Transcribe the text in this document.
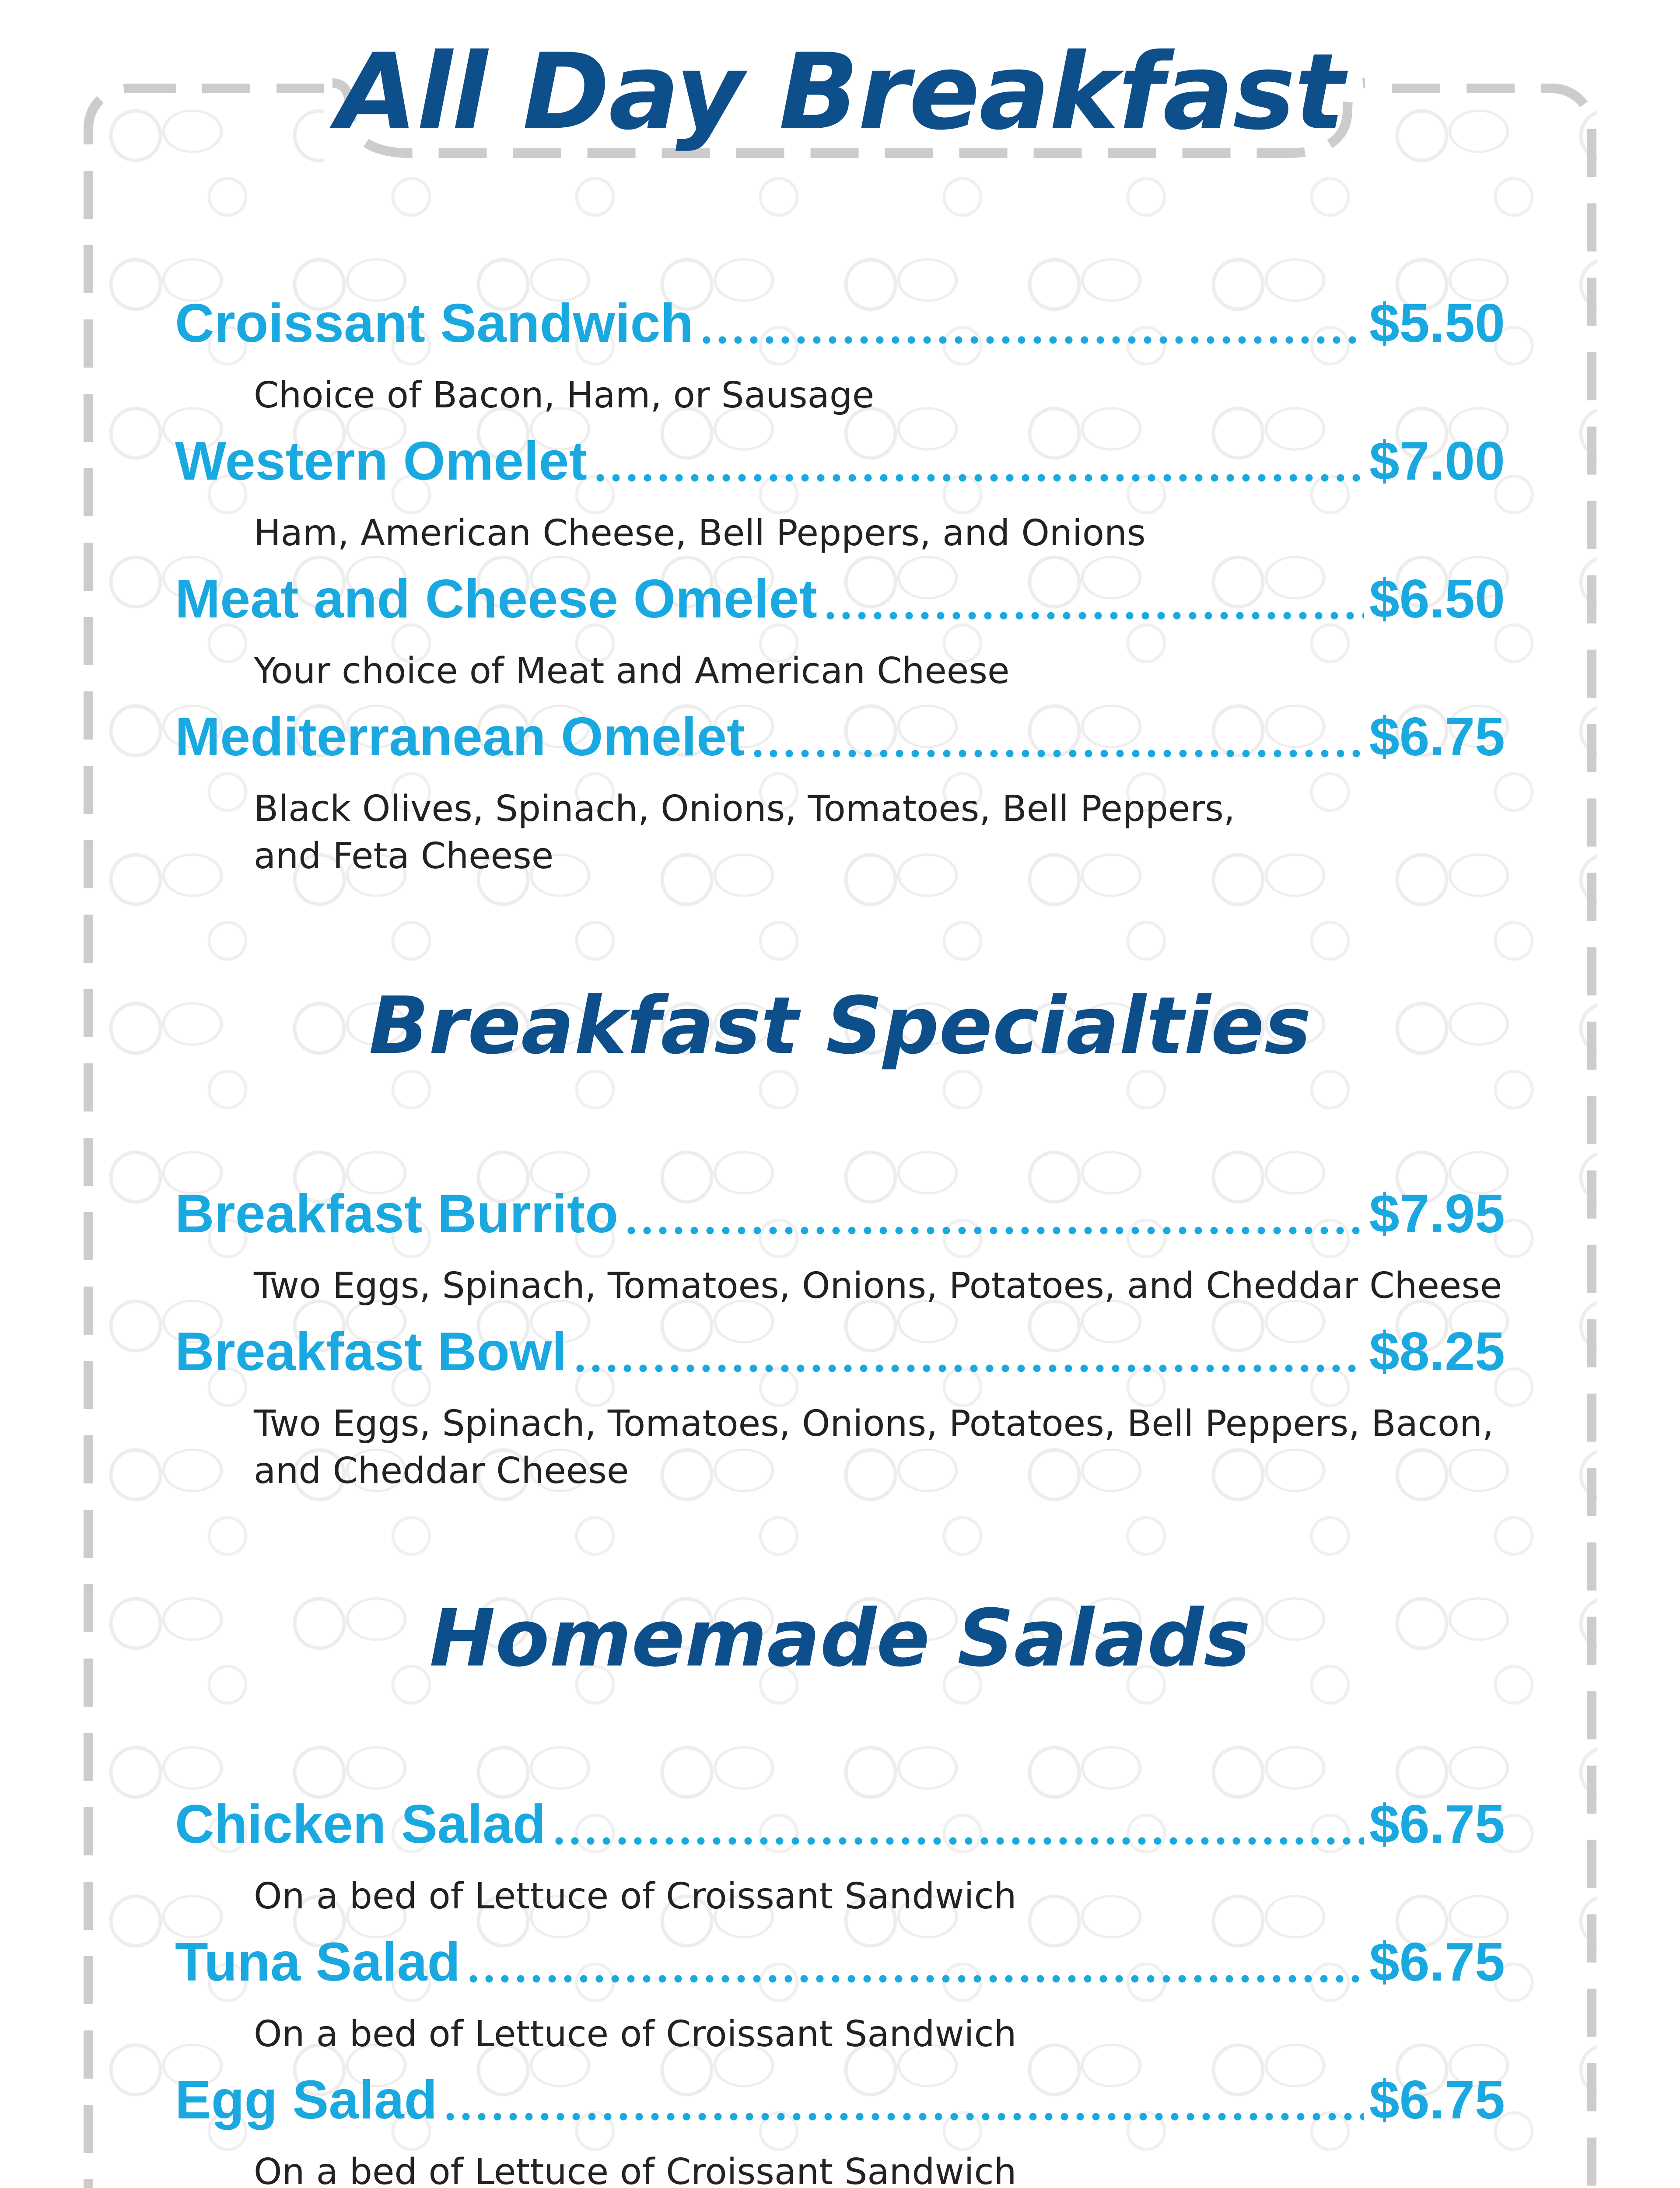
All Day Breakfast
Croissant Sandwich	$5.50
Choice of Bacon, Ham, or Sausage
Western Omelet	$7.00
Ham, American Cheese, Bell Peppers, and Onions
Meat and Cheese Omelet	$6.50
Your choice of Meat and American Cheese
Mediterranean Omelet	$6.75
Black Olives, Spinach, Onions, Tomatoes, Bell Peppers, and Feta Cheese
Breakfast Specialties
Breakfast Burrito	$7.95
Two Eggs, Spinach, Tomatoes, Onions, Potatoes, and Cheddar Cheese
Breakfast Bowl	$8.25
Two Eggs, Spinach, Tomatoes, Onions, Potatoes, Bell Peppers, Bacon, and Cheddar Cheese
Homemade Salads
Chicken Salad	$6.75
On a bed of Lettuce of Croissant Sandwich
Tuna Salad	$6.75
On a bed of Lettuce of Croissant Sandwich
Egg Salad	$6.75
On a bed of Lettuce of Croissant Sandwich
